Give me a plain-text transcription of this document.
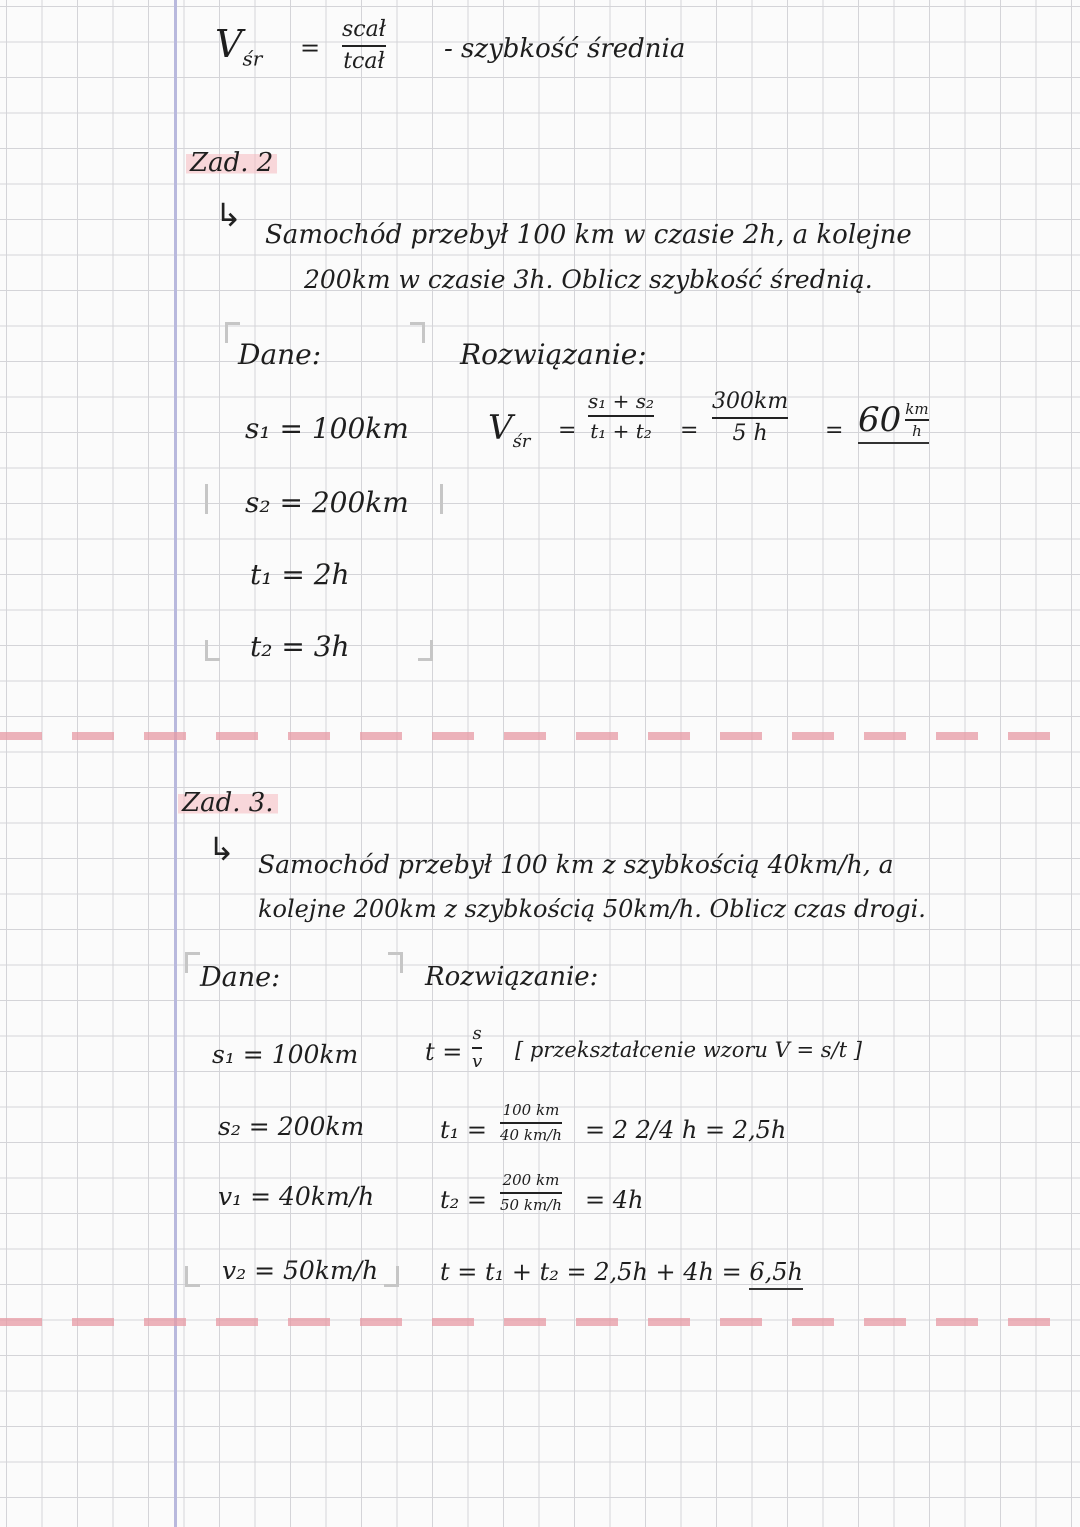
$V_{śr}$ =
scał
tcał - szybkość średnia
Zad. 2
↳
Samochód przebył 100 km w czasie 2h, a kolejne
200km w czasie 3h. Oblicz szybkość średnią.
Dane:	Rozwiązanie:
s₁ = 100km
s₂ = 200km
t₁ = 2h
t₂ = 3h
$V_{śr}$ =
s₁ + s₂
t₁ + t₂ =
300km
5 h	= 60 km
h
Zad. 3.
↳ Samochód przebył 100 km z szybkością 40km/h, a
kolejne 200km z szybkością 50km/h. Oblicz czas drogi.
Dane:	Rozwiązanie:
s₁ = 100km
s₂ = 200km
v₁ = 40km/h
v₂ = 50km/h
t =
s
v [ przekształcenie wzoru V = s/t ]
t₁ =
100 km
40 km/h = 2 2/4 h = 2,5h
t₂ =
200 km
50 km/h = 4h
t = t₁ + t₂ = 2,5h + 4h = 6,5h
